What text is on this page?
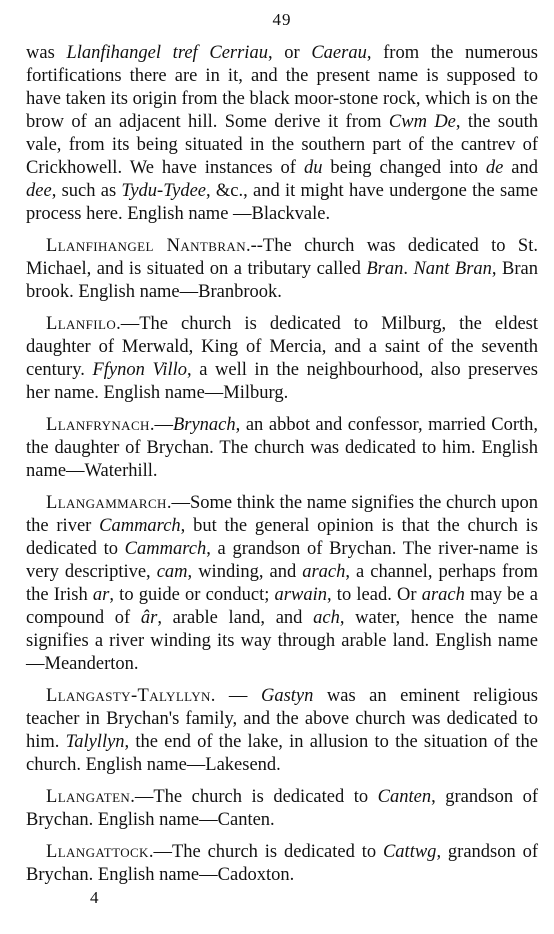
49

was Llanfihangel tref Cerriau, or Caerau, from the numerous fortifications there are in it, and the present name is supposed to have taken its origin from the black moor-stone rock, which is on the brow of an adjacent hill. Some derive it from Cwm De, the south vale, from its being situated in the southern part of the cantrev of Crickhowell. We have instances of du being changed into de and dee, such as Tydu-Tydee, &c., and it might have undergone the same process here. English name —Blackvale.

Llanfihangel Nantbran.--The church was dedicated to St. Michael, and is situated on a tributary called Bran. Nant Bran, Bran brook. English name—Branbrook.

Llanfilo.—The church is dedicated to Milburg, the eldest daughter of Merwald, King of Mercia, and a saint of the seventh century. Ffynon Villo, a well in the neighbourhood, also preserves her name. English name—Milburg.

Llanfrynach.—Brynach, an abbot and confessor, married Corth, the daughter of Brychan. The church was dedicated to him. English name—Waterhill.

Llangammarch.—Some think the name signifies the church upon the river Cammarch, but the general opinion is that the church is dedicated to Cammarch, a grandson of Brychan. The river-name is very descriptive, cam, winding, and arach, a channel, perhaps from the Irish ar, to guide or conduct; arwain, to lead. Or arach may be a compound of âr, arable land, and ach, water, hence the name signifies a river winding its way through arable land. English name—Meanderton.

Llangasty-Talyllyn. — Gastyn was an eminent religious teacher in Brychan's family, and the above church was dedicated to him. Talyllyn, the end of the lake, in allusion to the situation of the church. English name—Lakesend.

Llangaten.—The church is dedicated to Canten, grandson of Brychan. English name—Canten.

Llangattock.—The church is dedicated to Cattwg, grandson of Brychan. English name—Cadoxton.

4
